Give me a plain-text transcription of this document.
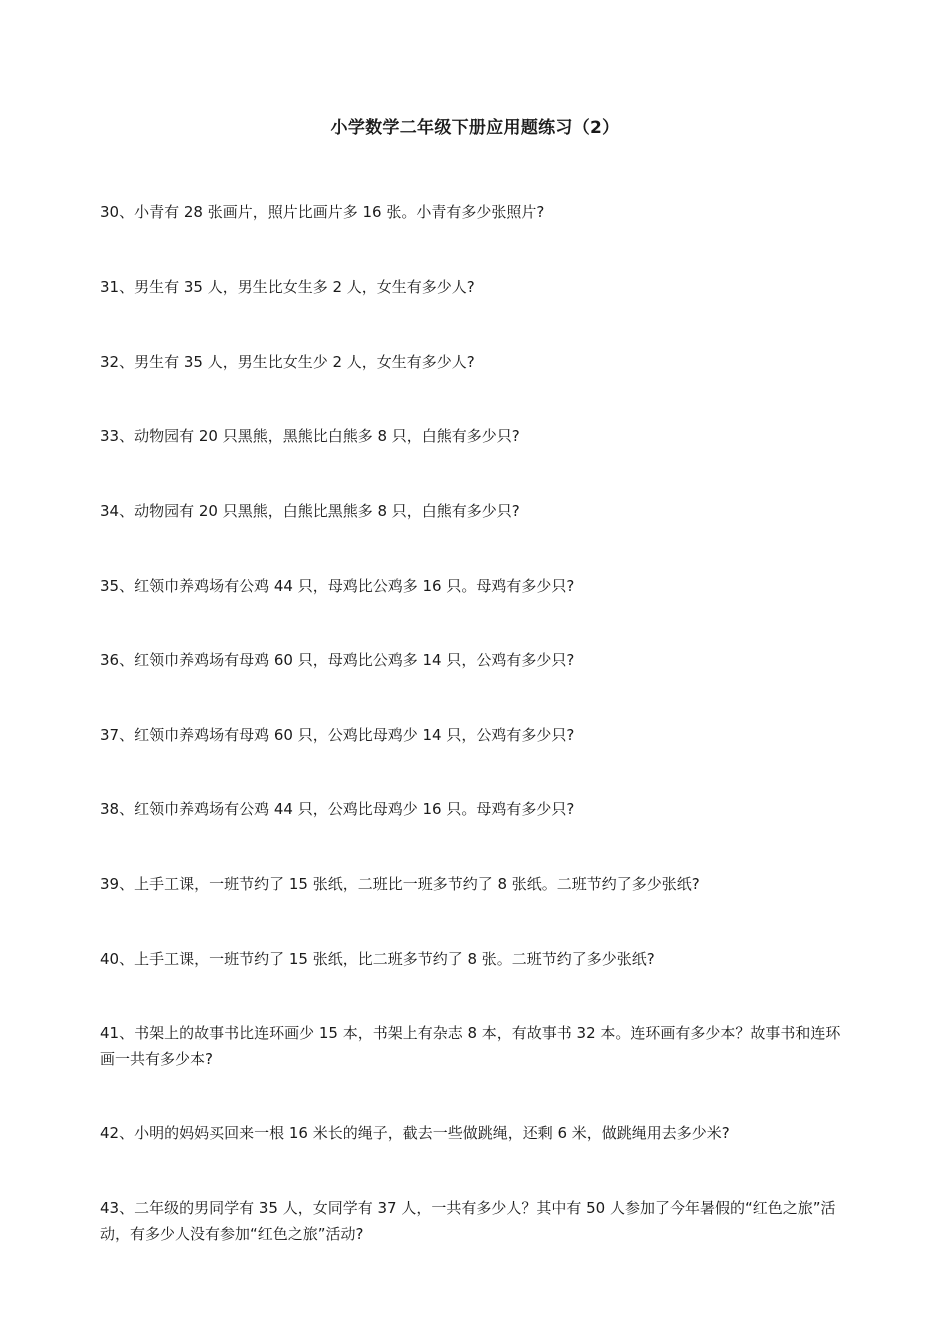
小学数学二年级下册应用题练习（2）

30、小青有 28 张画片，照片比画片多 16 张。小青有多少张照片?

31、男生有 35 人，男生比女生多 2 人，女生有多少人?

32、男生有 35 人，男生比女生少 2 人，女生有多少人?

33、动物园有 20 只黑熊，黑熊比白熊多 8 只，白熊有多少只?

34、动物园有 20 只黑熊，白熊比黑熊多 8 只，白熊有多少只?

35、红领巾养鸡场有公鸡 44 只，母鸡比公鸡多 16 只。母鸡有多少只?

36、红领巾养鸡场有母鸡 60 只，母鸡比公鸡多 14 只，公鸡有多少只?

37、红领巾养鸡场有母鸡 60 只，公鸡比母鸡少 14 只，公鸡有多少只?

38、红领巾养鸡场有公鸡 44 只，公鸡比母鸡少 16 只。母鸡有多少只?

39、上手工课，一班节约了 15 张纸，二班比一班多节约了 8 张纸。二班节约了多少张纸?

40、上手工课，一班节约了 15 张纸，比二班多节约了 8 张。二班节约了多少张纸?

41、书架上的故事书比连环画少 15 本，书架上有杂志 8 本，有故事书 32 本。连环画有多少本？故事书和连环画一共有多少本?

42、小明的妈妈买回来一根 16 米长的绳子，截去一些做跳绳，还剩 6 米，做跳绳用去多少米?

43、二年级的男同学有 35 人，女同学有 37 人，一共有多少人？其中有 50 人参加了今年暑假的“红色之旅”活动，有多少人没有参加“红色之旅”活动?
